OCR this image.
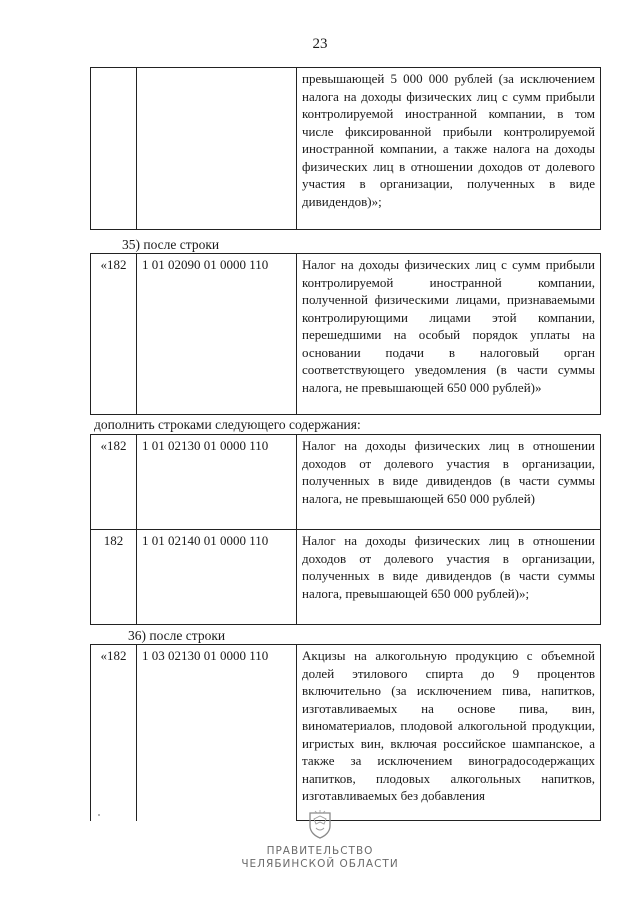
23
		превышающей 5 000 000 рублей (за исключением налога на доходы физических лиц с сумм прибыли контролируемой иностранной компании, в том числе фиксированной прибыли контролируемой иностранной компании, а также налога на доходы физических лиц в отношении доходов от долевого участия в организации, полученных в виде дивидендов)»;
35) после строки
«182	1 01 02090 01 0000 110	Налог на доходы физических лиц с сумм прибыли контролируемой иностранной компании, полученной физическими лицами, признаваемыми контролирующими лицами этой компании, перешедшими на особый порядок уплаты на основании подачи в налоговый орган соответствующего уведомления (в части суммы налога, не превышающей 650 000 рублей)»
дополнить строками следующего содержания:
«182	1 01 02130 01 0000 110	Налог на доходы физических лиц в отношении доходов от долевого участия в организации, полученных в виде дивидендов (в части суммы налога, не превышающей 650 000 рублей)
182	1 01 02140 01 0000 110	Налог на доходы физических лиц в отношении доходов от долевого участия в организации, полученных в виде дивидендов (в части суммы налога, превышающей 650 000 рублей)»;
36) после строки
«182	1 03 02130 01 0000 110	Акцизы на алкогольную продукцию с объемной долей этилового спирта до 9 процентов включительно (за исключением пива, напитков, изготавливаемых на основе пива, вин, виноматериалов, плодовой алкогольной продукции, игристых вин, включая российское шампанское, а также за исключением виноградосодержащих напитков, плодовых алкогольных напитков, изготавливаемых без добавления
ПРАВИТЕЛЬСТВО
ЧЕЛЯБИНСКОЙ ОБЛАСТИ
